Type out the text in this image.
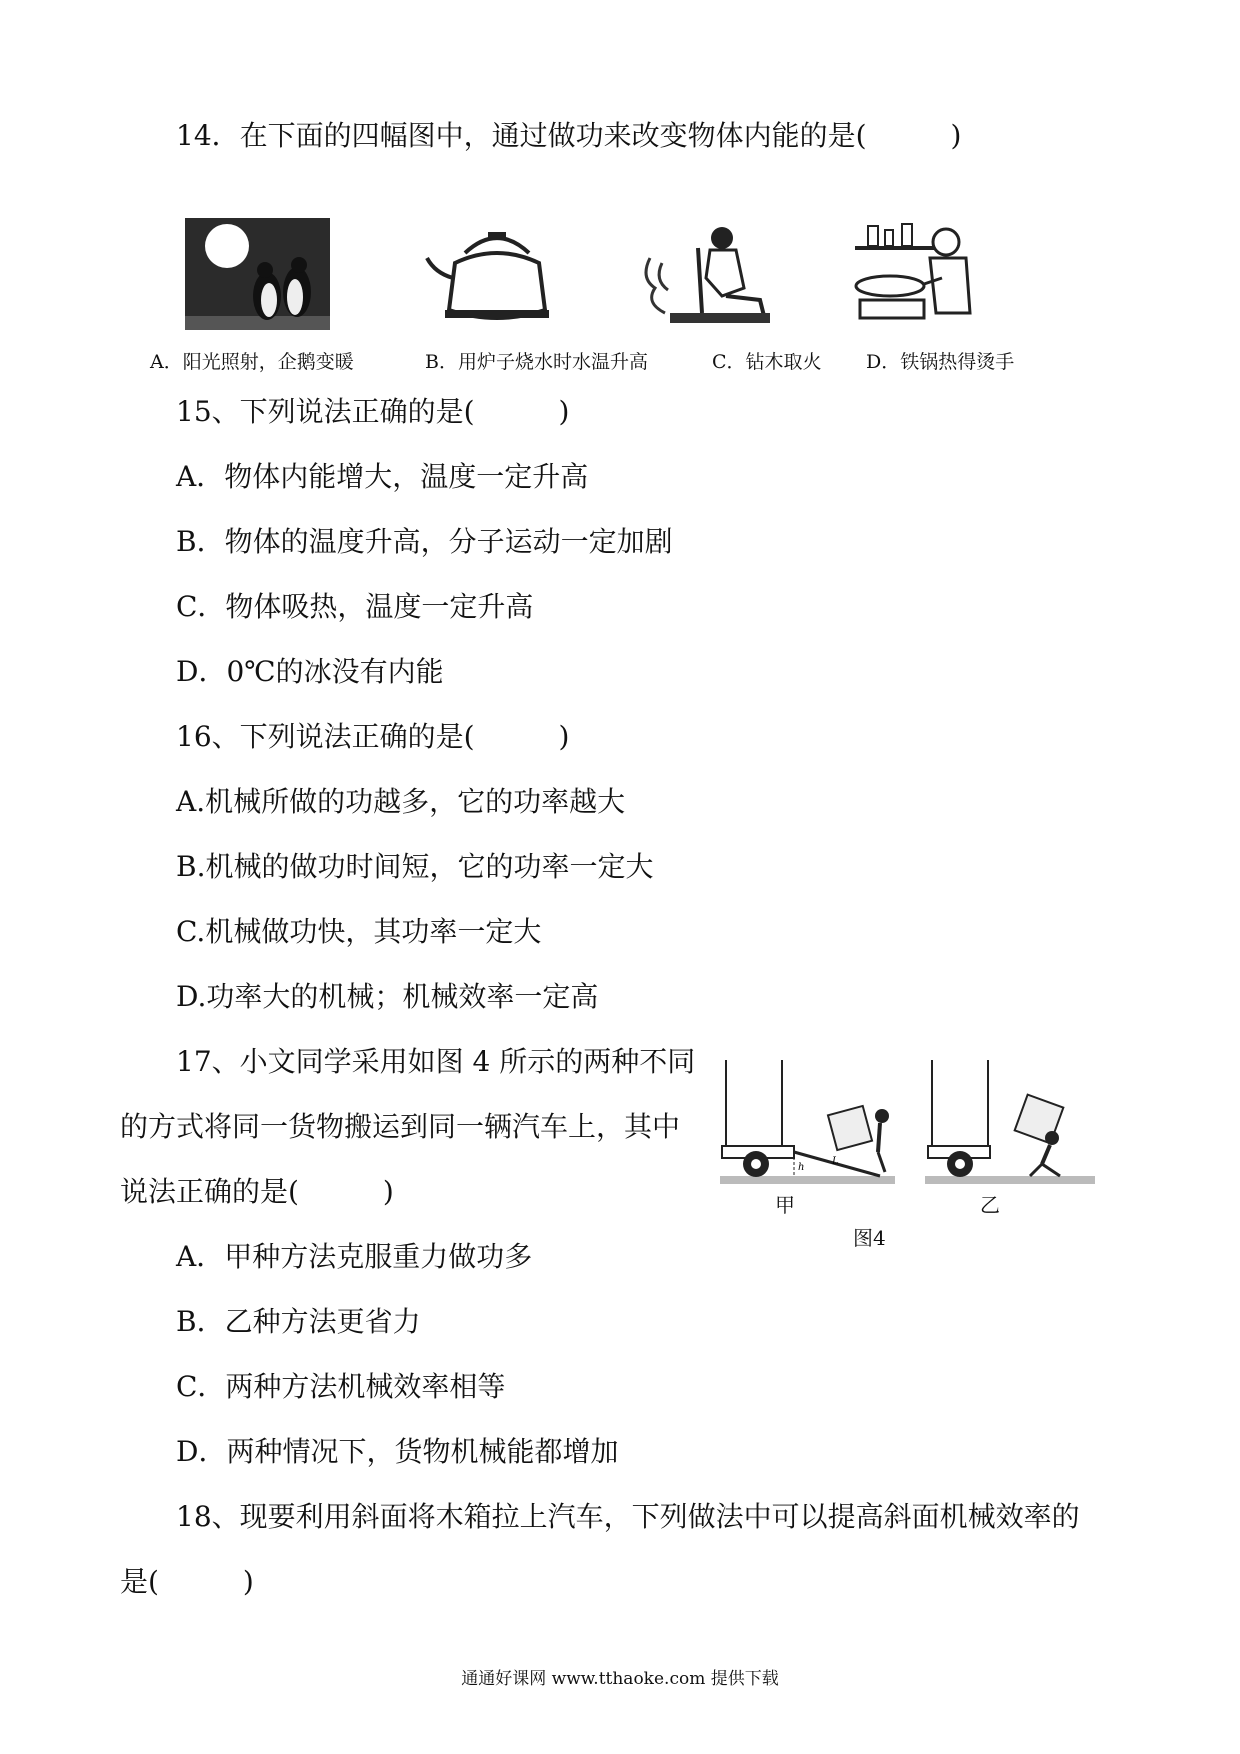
14．在下面的四幅图中，通过做功来改变物体内能的是(　　　)
A．阳光照射，企鹅变暖	B．用炉子烧水时水温升高	C．钻木取火 D．铁锅热得烫手
15、下列说法正确的是(　　　)
A．物体内能增大，温度一定升高
B．物体的温度升高，分子运动一定加剧
C．物体吸热，温度一定升高
D．0℃的冰没有内能
16、下列说法正确的是(　　　)
A.机械所做的功越多，它的功率越大
B.机械的做功时间短，它的功率一定大
C.机械做功快，其功率一定大
D.功率大的机械；机械效率一定高
17、小文同学采用如图 4 所示的两种不同
的方式将同一货物搬运到同一辆汽车上，其中
说法正确的是(　　　)
h
L
甲	乙
图4
A．甲种方法克服重力做功多
B．乙种方法更省力
C．两种方法机械效率相等
D．两种情况下，货物机械能都增加
18、现要利用斜面将木箱拉上汽车，下列做法中可以提高斜面机械效率的
是(　　　)
通通好课网 www.tthaoke.com 提供下载
